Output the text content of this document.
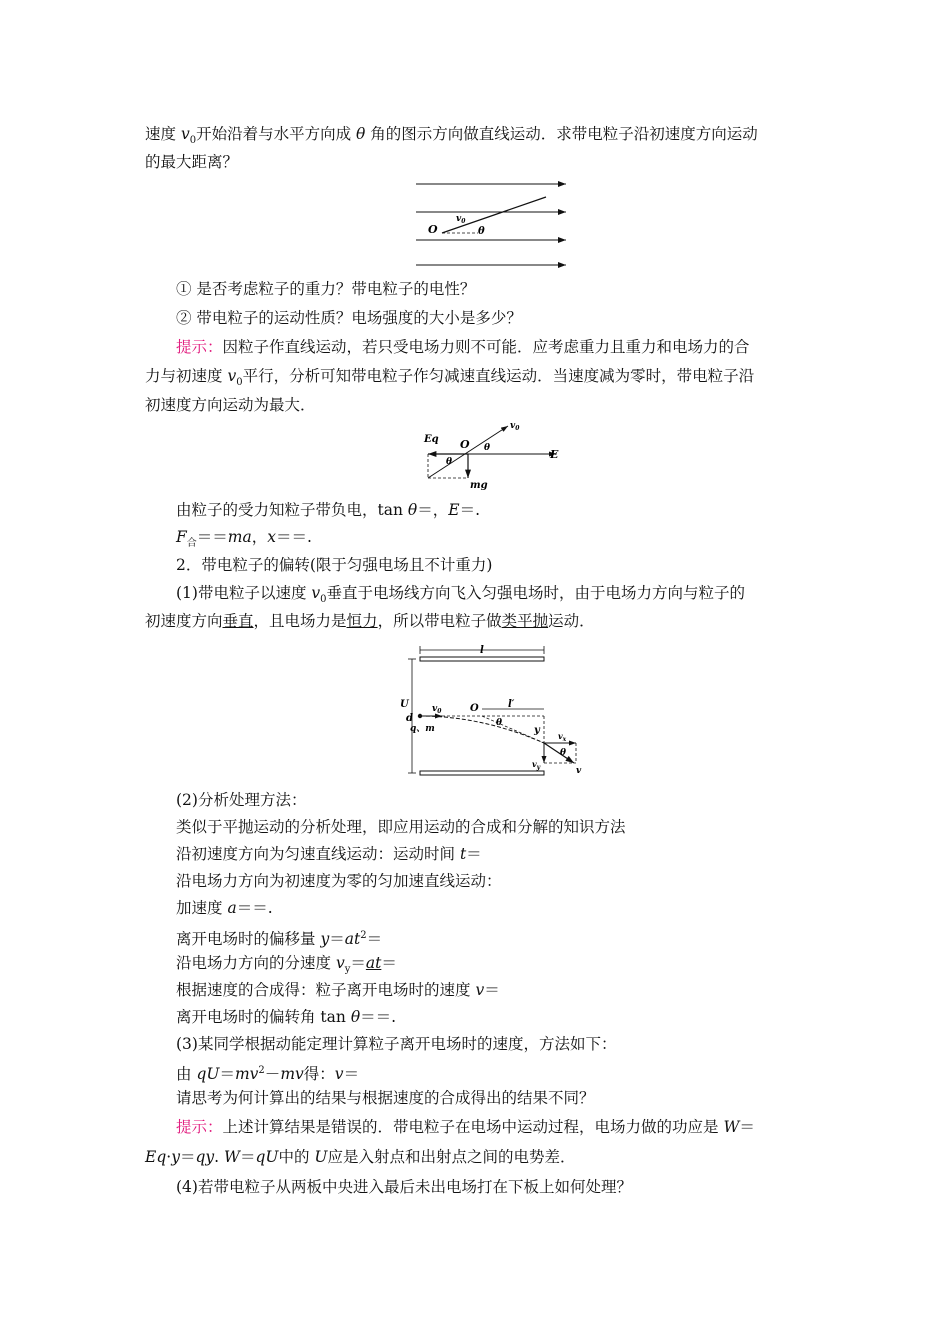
速度 $v_0$开始沿着与水平方向成 θ 角的图示方向做直线运动．求带电粒子沿初速度方向运动
的最大距离？
O
$v_0$
θ
① 是否考虑粒子的重力？带电粒子的电性？
② 带电粒子的运动性质？电场强度的大小是多少？
提示：因粒子作直线运动，若只受电场力则不可能．应考虑重力且重力和电场力的合
力与初速度 $v_0$平行，分析可知带电粒子作匀减速直线运动．当速度减为零时，带电粒子沿
初速度方向运动为最大．
Eq O
$v_0$
θ
θ	E
mg
由粒子的受力知粒子带负电，tan θ＝，E＝.
$F_合==ma$，x＝＝.
2．带电粒子的偏转(限于匀强电场且不计重力)
(1)带电粒子以速度 $v_0$垂直于电场线方向飞入匀强电场时，由于电场力方向与粒子的
初速度方向垂直，且电场力是恒力，所以带电粒子做类平抛运动．
l
U
d
$v_0$	O	l′
θ
y
q、m
$v_x$
θ
$v_y$	v
(2)分析处理方法：
类似于平抛运动的分析处理，即应用运动的合成和分解的知识方法
沿初速度方向为匀速直线运动：运动时间 t＝
沿电场力方向为初速度为零的匀加速直线运动：
加速度 a＝＝.
离开电场时的偏移量 $y=at^2=$
沿电场力方向的分速度 $v_y=at=$
根据速度的合成得：粒子离开电场时的速度 v＝
离开电场时的偏转角 tan θ＝＝.
(3)某同学根据动能定理计算粒子离开电场时的速度，方法如下：
由 $qU=mv^2-mv$得：v＝
请思考为何计算出的结果与根据速度的合成得出的结果不同？
提示：上述计算结果是错误的．带电粒子在电场中运动过程，电场力做的功应是 W＝
Eq·y＝qy. W＝qU中的 U应是入射点和出射点之间的电势差．
(4)若带电粒子从两板中央进入最后未出电场打在下板上如何处理？
